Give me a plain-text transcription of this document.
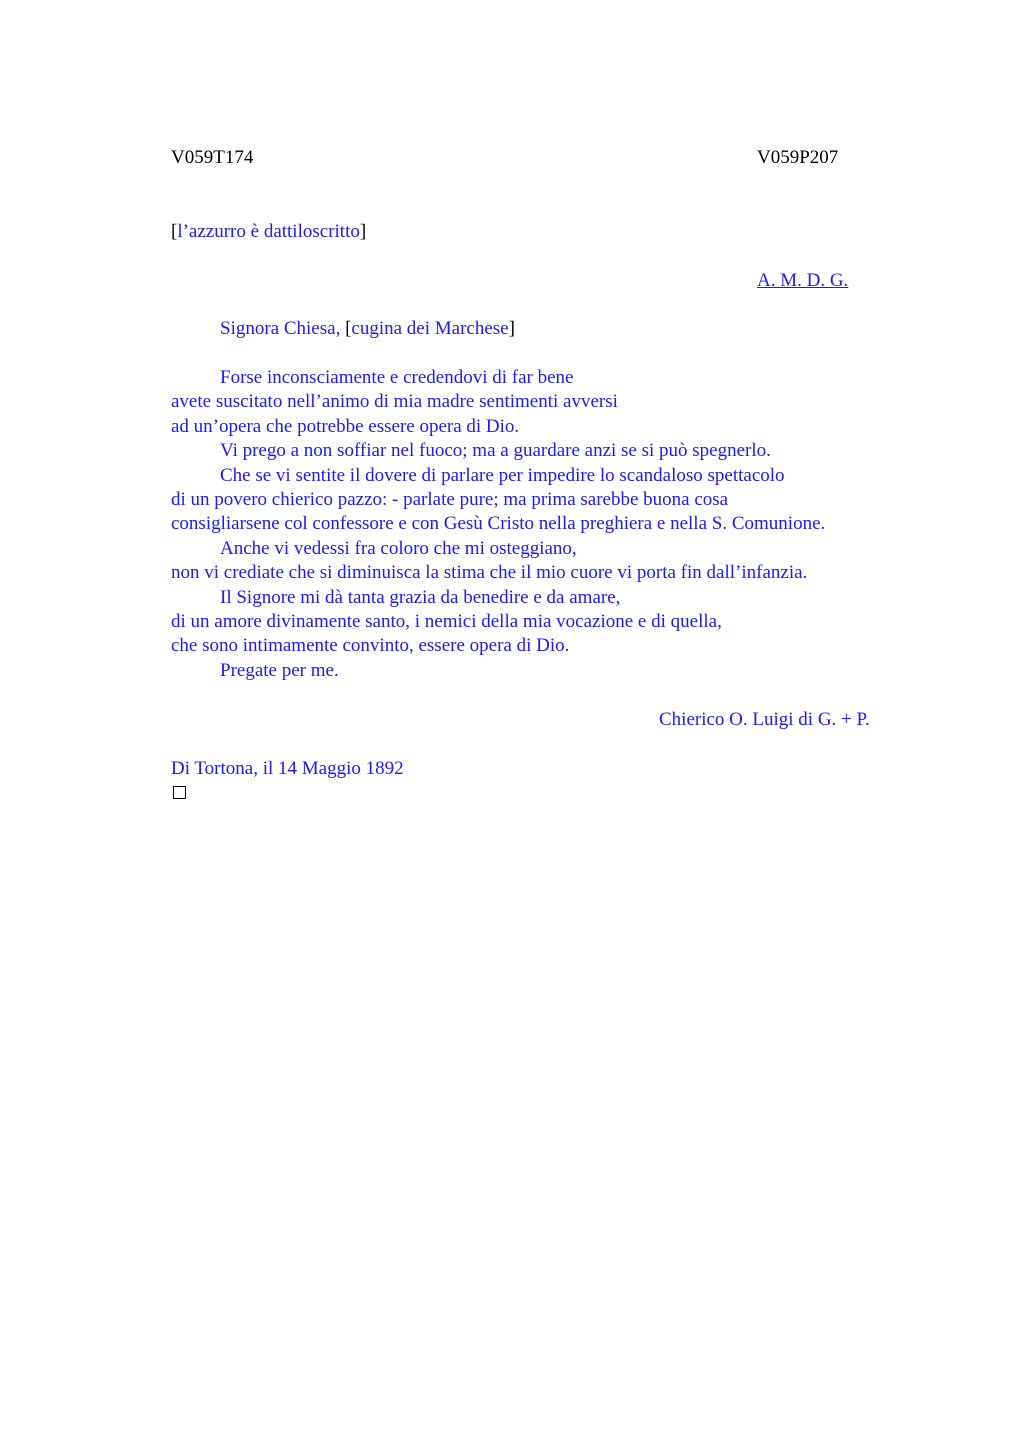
V059T174	V059P207
[l’azzurro è dattiloscritto]
A. M. D. G.
Signora Chiesa, [cugina dei Marchese]
Forse inconsciamente e credendovi di far bene
avete suscitato nell’animo di mia madre sentimenti avversi
ad un’opera che potrebbe essere opera di Dio.
Vi prego a non soffiar nel fuoco; ma a guardare anzi se si può spegnerlo.
Che se vi sentite il dovere di parlare per impedire lo scandaloso spettacolo
di un povero chierico pazzo: - parlate pure; ma prima sarebbe buona cosa
consigliarsene col confessore e con Gesù Cristo nella preghiera e nella S. Comunione.
Anche vi vedessi fra coloro che mi osteggiano,
non vi crediate che si diminuisca la stima che il mio cuore vi porta fin dall’infanzia.
Il Signore mi dà tanta grazia da benedire e da amare,
di un amore divinamente santo, i nemici della mia vocazione e di quella,
che sono intimamente convinto, essere opera di Dio.
Pregate per me.
Chierico O. Luigi di G. + P.
Di Tortona, il 14 Maggio 1892
